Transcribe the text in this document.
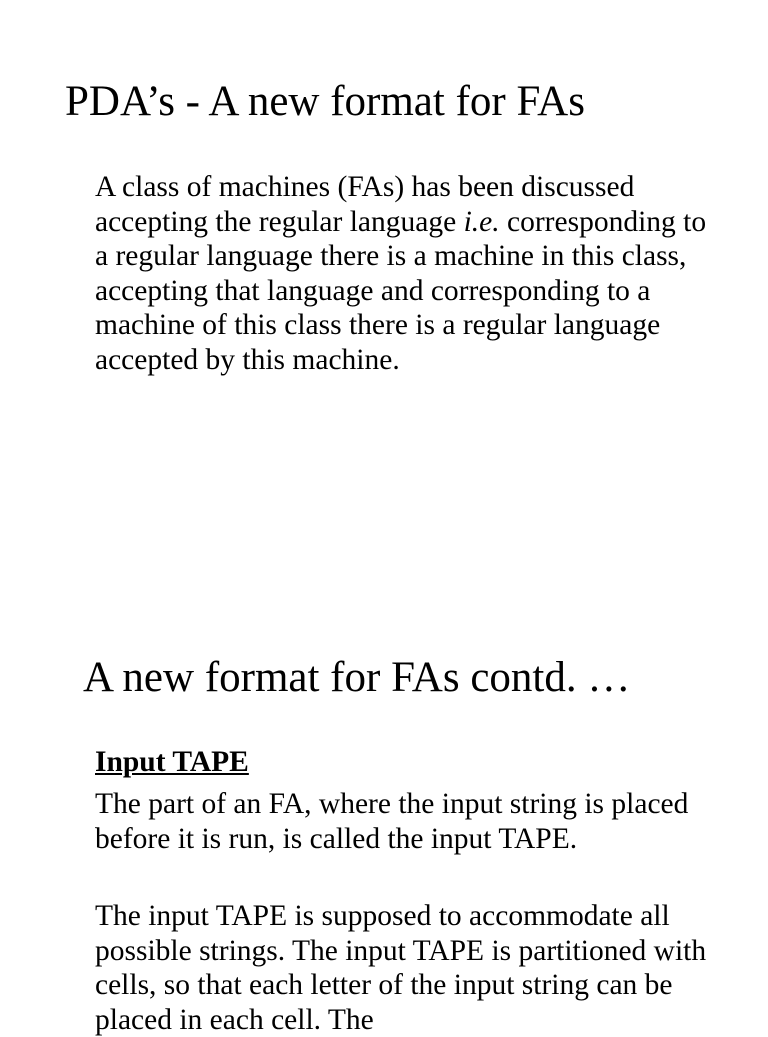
PDA’s - A new format for FAs

A class of machines (FAs) has been discussed accepting the regular language i.e. corresponding to a regular language there is a machine in this class, accepting that language and corresponding to a machine of this class there is a regular language accepted by this machine.

A new format for FAs contd. …
Input TAPE

The part of an FA, where the input string is placed before it is run, is called the input TAPE.

The input TAPE is supposed to accommodate all possible strings. The input TAPE is partitioned with cells, so that each letter of the input string can be placed in each cell. The
